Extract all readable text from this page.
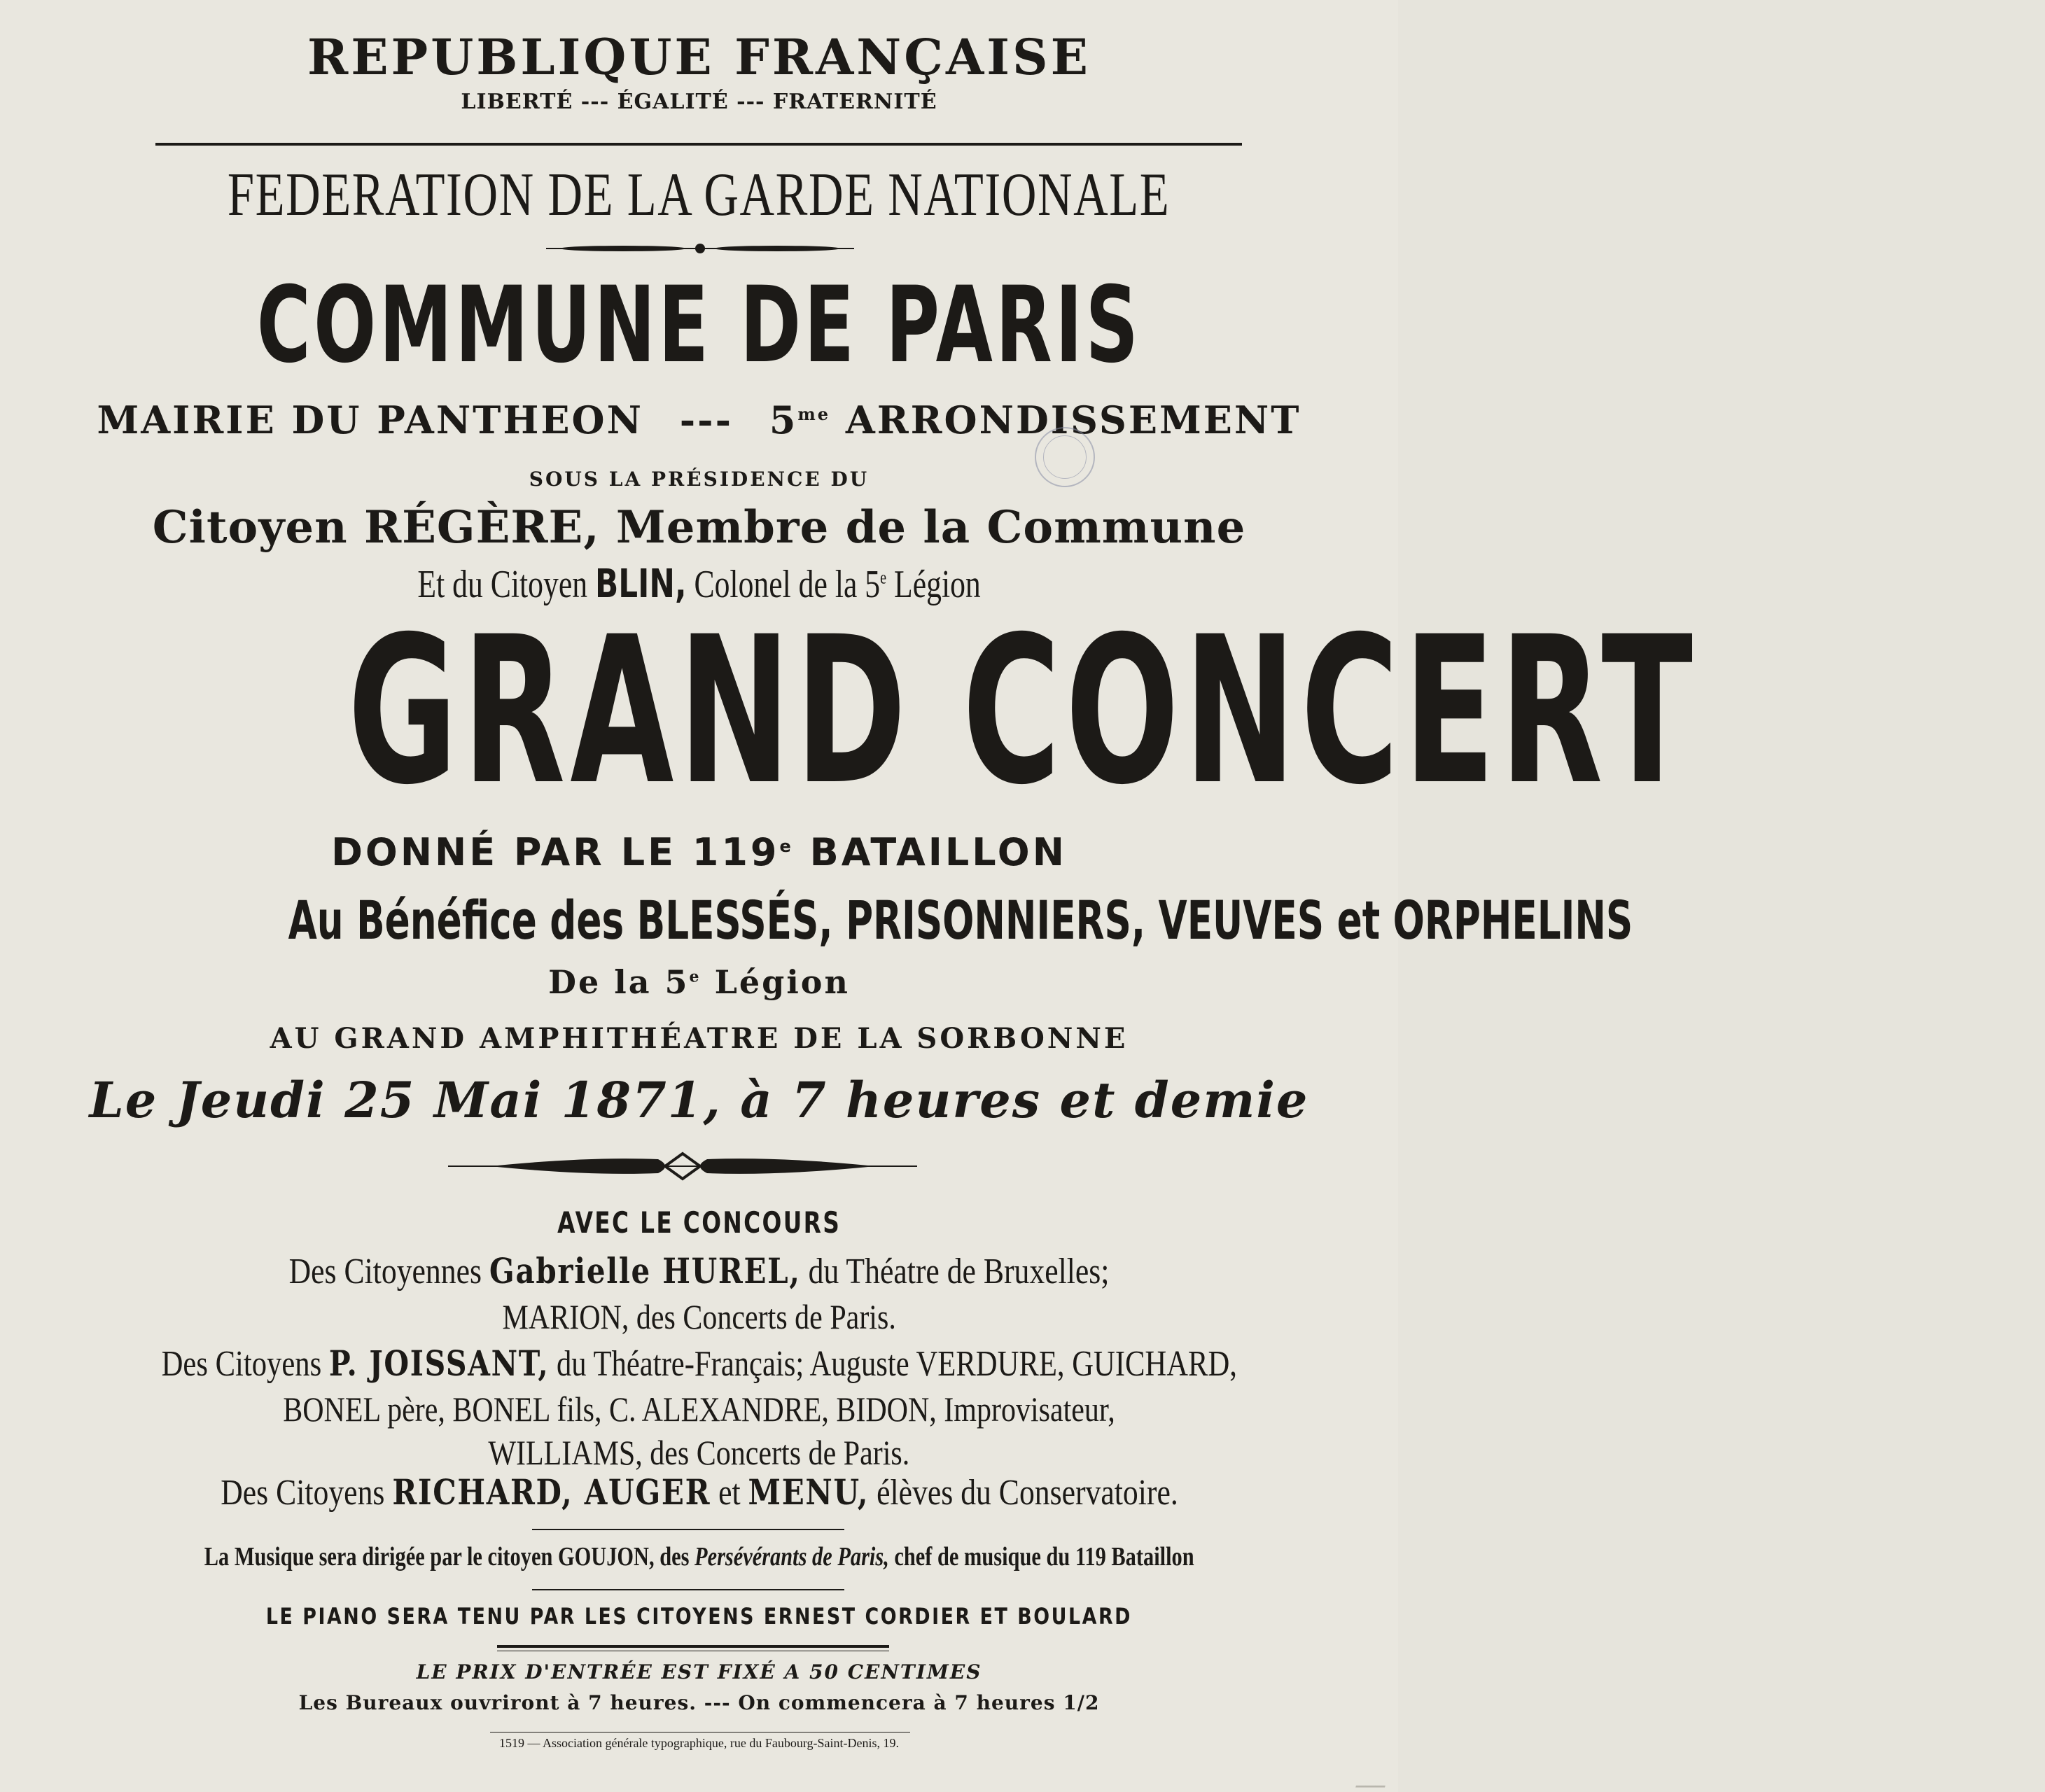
REPUBLIQUE FRANÇAISE
LIBERTÉ --- ÉGALITÉ --- FRATERNITÉ
FEDERATION DE LA GARDE NATIONALE
COMMUNE DE PARIS
MAIRIE DU PANTHEON --- $5^{me}$ ARRONDISSEMENT
SOUS LA PRÉSIDENCE DU
Citoyen RÉGÈRE, Membre de la Commune
Et du Citoyen BLIN, Colonel de la 5e Légion
GRAND CONCERT
DONNÉ PAR LE 119e BATAILLON
Au Bénéfice des BLESSÉS, PRISONNIERS, VEUVES et ORPHELINS
De la 5e Légion
AU GRAND AMPHITHÉATRE DE LA SORBONNE
Le Jeudi 25 Mai 1871, à 7 heures et demie
AVEC LE CONCOURS
Des Citoyennes Gabrielle HUREL, du Théatre de Bruxelles;
MARION, des Concerts de Paris.
Des Citoyens P. JOISSANT, du Théatre-Français; Auguste VERDURE, GUICHARD,
BONEL père, BONEL fils, C. ALEXANDRE, BIDON, Improvisateur,
WILLIAMS, des Concerts de Paris.
Des Citoyens RICHARD, AUGER et MENU, élèves du Conservatoire.
La Musique sera dirigée par le citoyen GOUJON, des Persévérants de Paris, chef de musique du 119 Bataillon
LE PIANO SERA TENU PAR LES CITOYENS ERNEST CORDIER ET BOULARD
LE PRIX D'ENTRÉE EST FIXÉ A 50 CENTIMES
Les Bureaux ouvriront à 7 heures. --- On commencera à 7 heures 1/2
1519 — Association générale typographique, rue du Faubourg-Saint-Denis, 19.
▁▁▁
